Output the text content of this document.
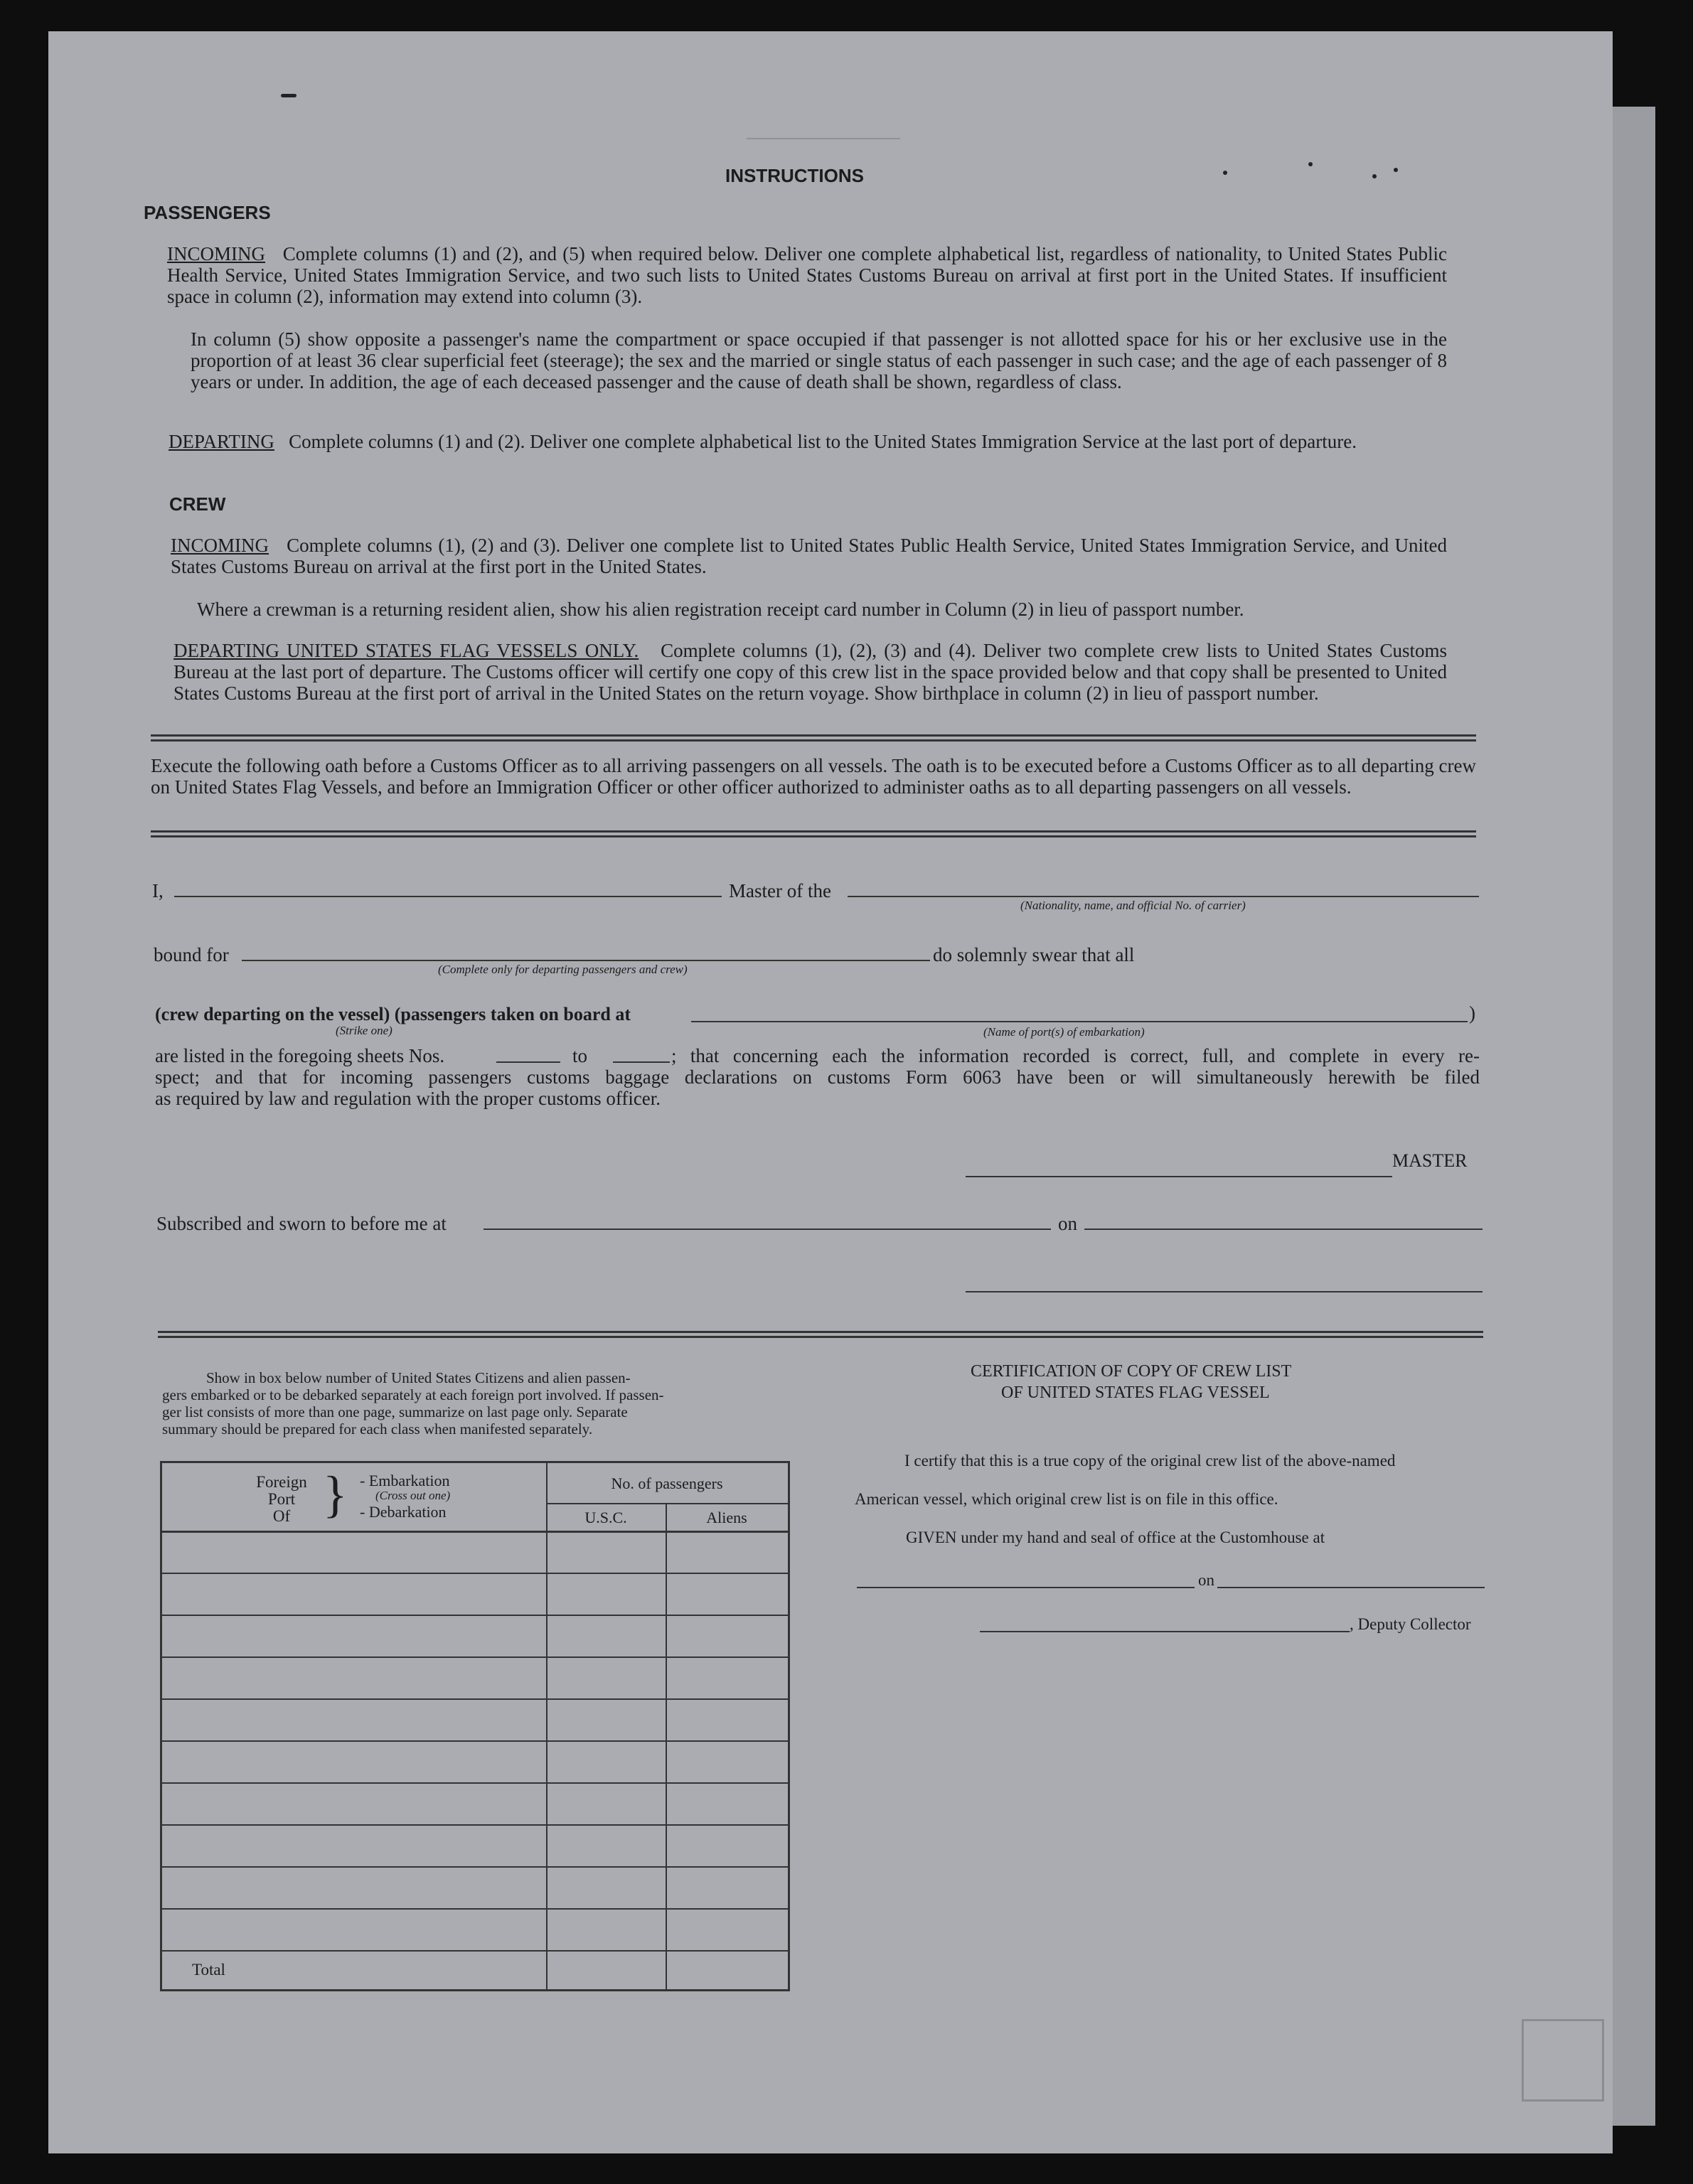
────────────
INSTRUCTIONS
PASSENGERS
INCOMING Complete columns (1) and (2), and (5) when required below. Deliver one complete alphabetical list, regardless of nationality, to United States Public Health Service, United States Immigration Service, and two such lists to United States Customs Bureau on arrival at first port in the United States. If insufficient space in column (2), information may extend into column (3).
In column (5) show opposite a passenger's name the compartment or space occupied if that passenger is not allotted space for his or her exclusive use in the proportion of at least 36 clear superficial feet (steerage); the sex and the married or single status of each passenger in such case; and the age of each passenger of 8 years or under. In addition, the age of each deceased passenger and the cause of death shall be shown, regardless of class.
DEPARTING Complete columns (1) and (2). Deliver one complete alphabetical list to the United States Immigration Service at the last port of departure.
CREW
INCOMING Complete columns (1), (2) and (3). Deliver one complete list to United States Public Health Service, United States Immigration Service, and United States Customs Bureau on arrival at the first port in the United States.
Where a crewman is a returning resident alien, show his alien registration receipt card number in Column (2) in lieu of passport number.
DEPARTING UNITED STATES FLAG VESSELS ONLY. Complete columns (1), (2), (3) and (4). Deliver two complete crew lists to United States Customs Bureau at the last port of departure. The Customs officer will certify one copy of this crew list in the space provided below and that copy shall be presented to United States Customs Bureau at the first port of arrival in the United States on the return voyage. Show birthplace in column (2) in lieu of passport number.
Execute the following oath before a Customs Officer as to all arriving passengers on all vessels. The oath is to be executed before a Customs Officer as to all departing crew on United States Flag Vessels, and before an Immigration Officer or other officer authorized to administer oaths as to all departing passengers on all vessels.
I,	Master of the
(Nationality, name, and official No. of carrier)
bound for	do solemnly swear that all
(Complete only for departing passengers and crew)
(crew departing on the vessel) (passengers taken on board at	)
(Strike one)	(Name of port(s) of embarkation)
are listed in the foregoing sheets Nos.	to	; that concerning each the information recorded is correct, full, and complete in every re-
spect; and that for incoming passengers customs baggage declarations on customs Form 6063 have been or will simultaneously herewith be filed
as required by law and regulation with the proper customs officer.
MASTER
Subscribed and sworn to before me at	on
Show in box below number of United States Citizens and alien passen-
gers embarked or to be debarked separately at each foreign port involved. If passen-
ger list consists of more than one page, summarize on last page only. Separate
summary should be prepared for each class when manifested separately.
Foreign
Port
Of } - Embarkation
(Cross out one)
- Debarkation
No. of passengers
U.S.C.	Aliens
Total
CERTIFICATION OF COPY OF CREW LIST
OF UNITED STATES FLAG VESSEL
I certify that this is a true copy of the original crew list of the above-named
American vessel, which original crew list is on file in this office.
GIVEN under my hand and seal of office at the Customhouse at
on
, Deputy Collector
